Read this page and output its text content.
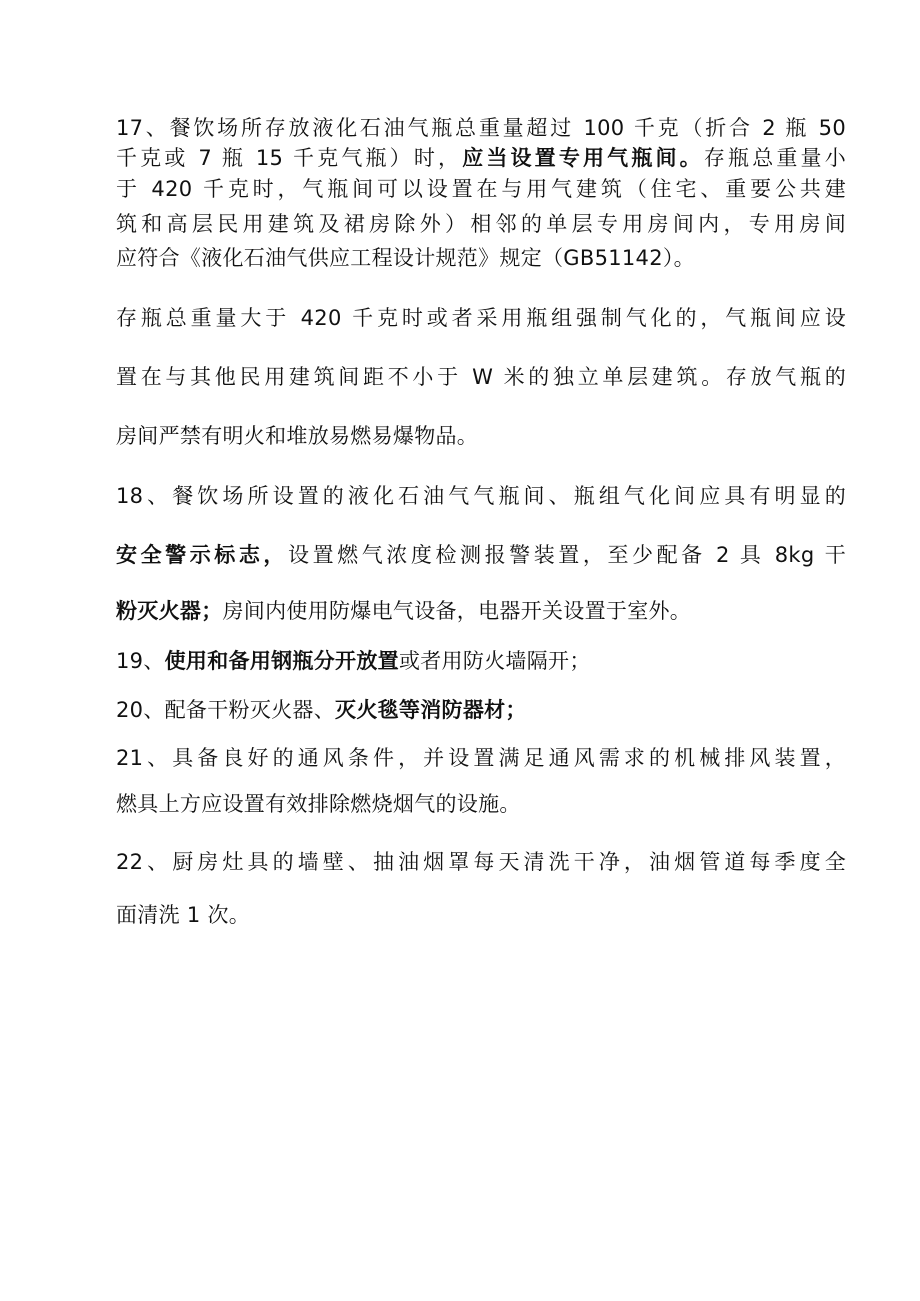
17、餐饮场所存放液化石油气瓶总重量超过 100 千克（折合 2 瓶 50
千克或 7 瓶 15 千克气瓶）时，应当设置专用气瓶间。存瓶总重量小
于 420 千克时，气瓶间可以设置在与用气建筑（住宅、重要公共建
筑和高层民用建筑及裙房除外）相邻的单层专用房间内，专用房间
应符合《液化石油气供应工程设计规范》规定（GB51142）。
存瓶总重量大于 420 千克时或者采用瓶组强制气化的，气瓶间应设
置在与其他民用建筑间距不小于 W 米的独立单层建筑。存放气瓶的
房间严禁有明火和堆放易燃易爆物品。
18、餐饮场所设置的液化石油气气瓶间、瓶组气化间应具有明显的
安全警示标志，设置燃气浓度检测报警装置，至少配备 2 具 8kg 干
粉灭火器；房间内使用防爆电气设备，电器开关设置于室外。
19、使用和备用钢瓶分开放置或者用防火墙隔开；
20、配备干粉灭火器、灭火毯等消防器材；
21、具备良好的通风条件，并设置满足通风需求的机械排风装置，
燃具上方应设置有效排除燃烧烟气的设施。
22、厨房灶具的墙壁、抽油烟罩每天清洗干净，油烟管道每季度全
面清洗 1 次。
